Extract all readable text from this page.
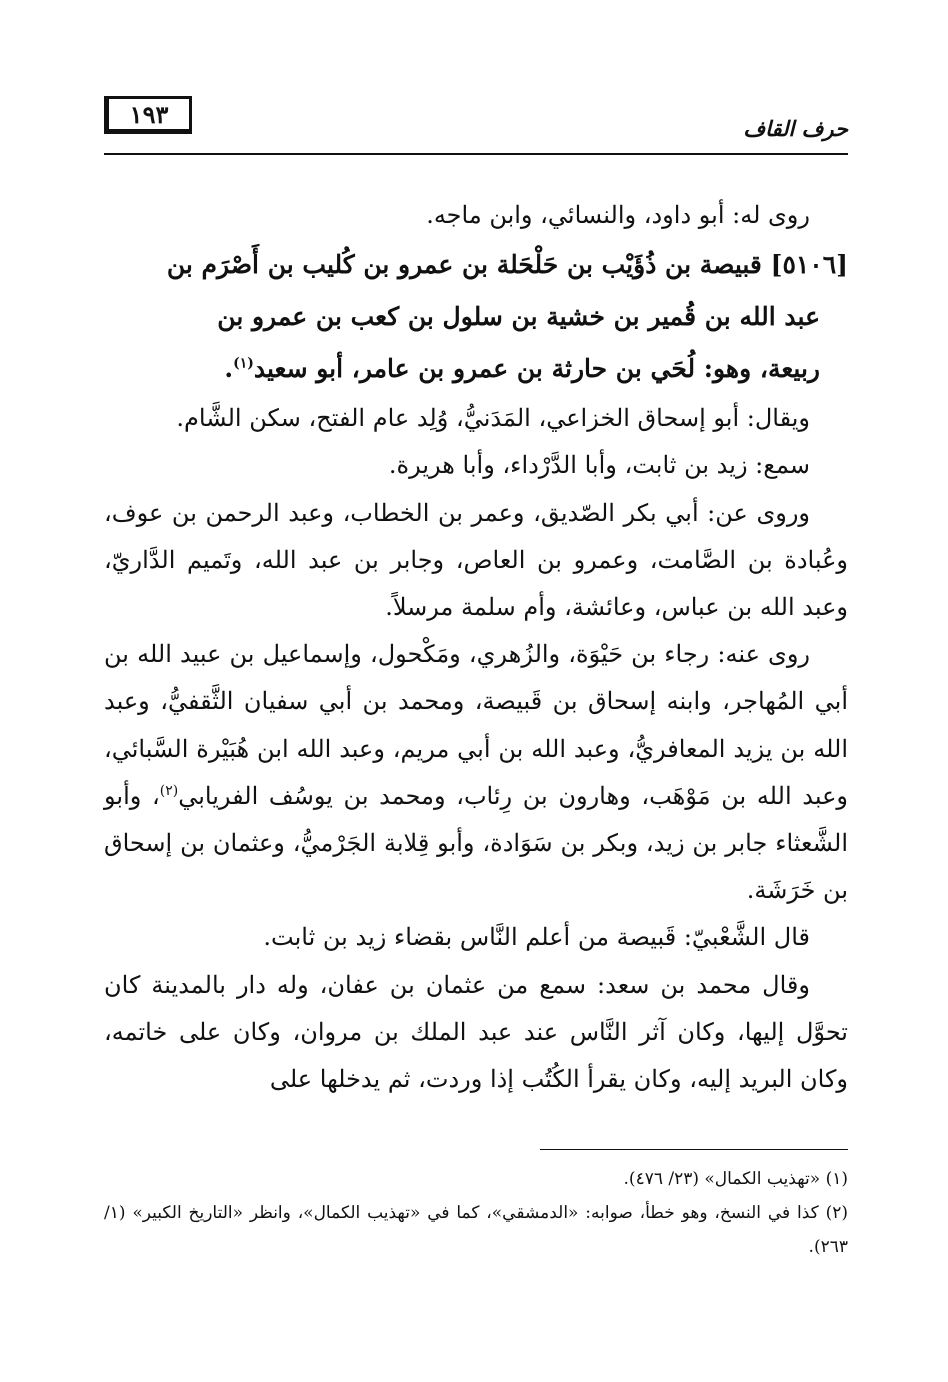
١٩٣	حرف القاف

روى له: أبو داود، والنسائي، وابن ماجه.

[٥١٠٦] قبيصة بن ذُؤَيْب بن حَلْحَلة بن عمرو بن كُليب بن أَصْرَم بن
عبد الله بن قُمير بن خشية بن سلول بن كعب بن عمرو بن
ربيعة، وهو: لُحَي بن حارثة بن عمرو بن عامر، أبو سعيد$^{(١)}$.

ويقال: أبو إسحاق الخزاعي، المَدَنيُّ، وُلِد عام الفتح، سكن الشَّام.

سمع: زيد بن ثابت، وأبا الدَّرْداء، وأبا هريرة.

وروى عن: أبي بكر الصّديق، وعمر بن الخطاب، وعبد الرحمن بن عوف، وعُبادة بن الصَّامت، وعمرو بن العاص، وجابر بن عبد الله، وتَميم الدَّاريّ، وعبد الله بن عباس، وعائشة، وأم سلمة مرسلاً.

روى عنه: رجاء بن حَيْوَة، والزُهري، ومَكْحول، وإسماعيل بن عبيد الله بن أبي المُهاجر، وابنه إسحاق بن قَبيصة، ومحمد بن أبي سفيان الثَّقفيُّ، وعبد الله بن يزيد المعافريُّ، وعبد الله بن أبي مريم، وعبد الله ابن هُبَيْرة السَّبائي، وعبد الله بن مَوْهَب، وهارون بن رِئاب، ومحمد بن يوسُف الفريابي$^{(٢)}$، وأبو الشَّعثاء جابر بن زيد، وبكر بن سَوَادة، وأبو قِلابة الجَرْميُّ، وعثمان بن إسحاق بن خَرَشَة.

قال الشَّعْبيّ: قَبيصة من أعلم النَّاس بقضاء زيد بن ثابت.

وقال محمد بن سعد: سمع من عثمان بن عفان، وله دار بالمدينة كان تحوَّل إليها، وكان آثر النَّاس عند عبد الملك بن مروان، وكان على خاتمه، وكان البريد إليه، وكان يقرأ الكُتُب إذا وردت، ثم يدخلها على

(١) «تهذيب الكمال» (٢٣/ ٤٧٦).

(٢) كذا في النسخ، وهو خطأ، صوابه: «الدمشقي»، كما في «تهذيب الكمال»، وانظر «التاريخ الكبير» (١/ ٢٦٣).
